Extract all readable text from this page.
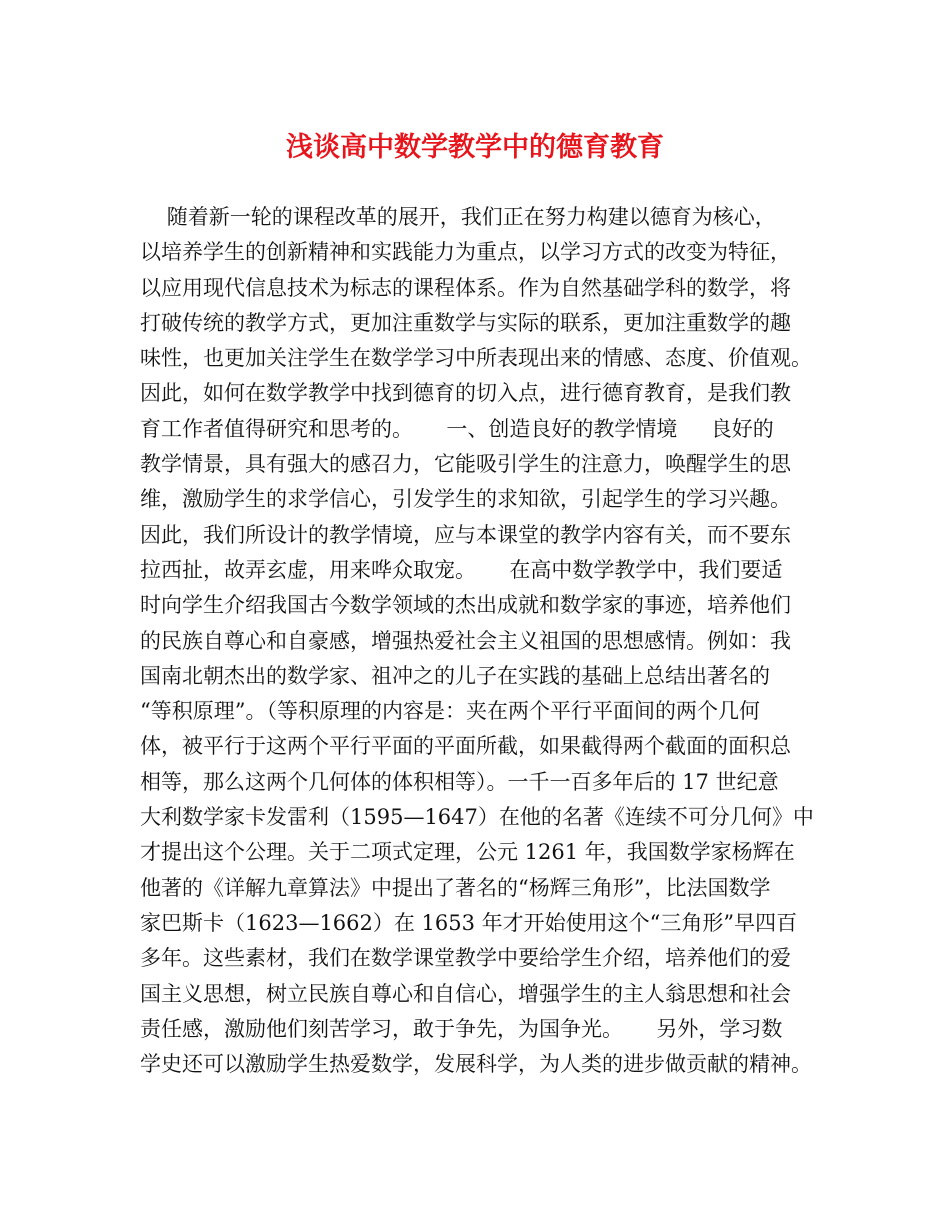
浅谈高中数学教学中的德育教育
随着新一轮的课程改革的展开，我们正在努力构建以德育为核心，
以培养学生的创新精神和实践能力为重点，以学习方式的改变为特征，
以应用现代信息技术为标志的课程体系。作为自然基础学科的数学，将
打破传统的教学方式，更加注重数学与实际的联系，更加注重数学的趣
味性，也更加关注学生在数学学习中所表现出来的情感、态度、价值观。
因此，如何在数学教学中找到德育的切入点，进行德育教育，是我们教
育工作者值得研究和思考的。     一、创造良好的教学情境     良好的
教学情景，具有强大的感召力，它能吸引学生的注意力，唤醒学生的思
维，激励学生的求学信心，引发学生的求知欲，引起学生的学习兴趣。
因此，我们所设计的教学情境，应与本课堂的教学内容有关，而不要东
拉西扯，故弄玄虚，用来哗众取宠。     在高中数学教学中，我们要适
时向学生介绍我国古今数学领域的杰出成就和数学家的事迹，培养他们
的民族自尊心和自豪感，增强热爱社会主义祖国的思想感情。例如：我
国南北朝杰出的数学家、祖冲之的儿子在实践的基础上总结出著名的
“等积原理”。（等积原理的内容是：夹在两个平行平面间的两个几何
体，被平行于这两个平行平面的平面所截，如果截得两个截面的面积总
相等，那么这两个几何体的体积相等）。一千一百多年后的 17 世纪意
大利数学家卡发雷利（1595—1647）在他的名著《连续不可分几何》中
才提出这个公理。关于二项式定理，公元 1261 年，我国数学家杨辉在
他著的《详解九章算法》中提出了著名的“杨辉三角形”，比法国数学
家巴斯卡（1623—1662）在 1653 年才开始使用这个“三角形”早四百
多年。这些素材，我们在数学课堂教学中要给学生介绍，培养他们的爱
国主义思想，树立民族自尊心和自信心，增强学生的主人翁思想和社会
责任感，激励他们刻苦学习，敢于争先，为国争光。     另外，学习数
学史还可以激励学生热爱数学，发展科学，为人类的进步做贡献的精神。
